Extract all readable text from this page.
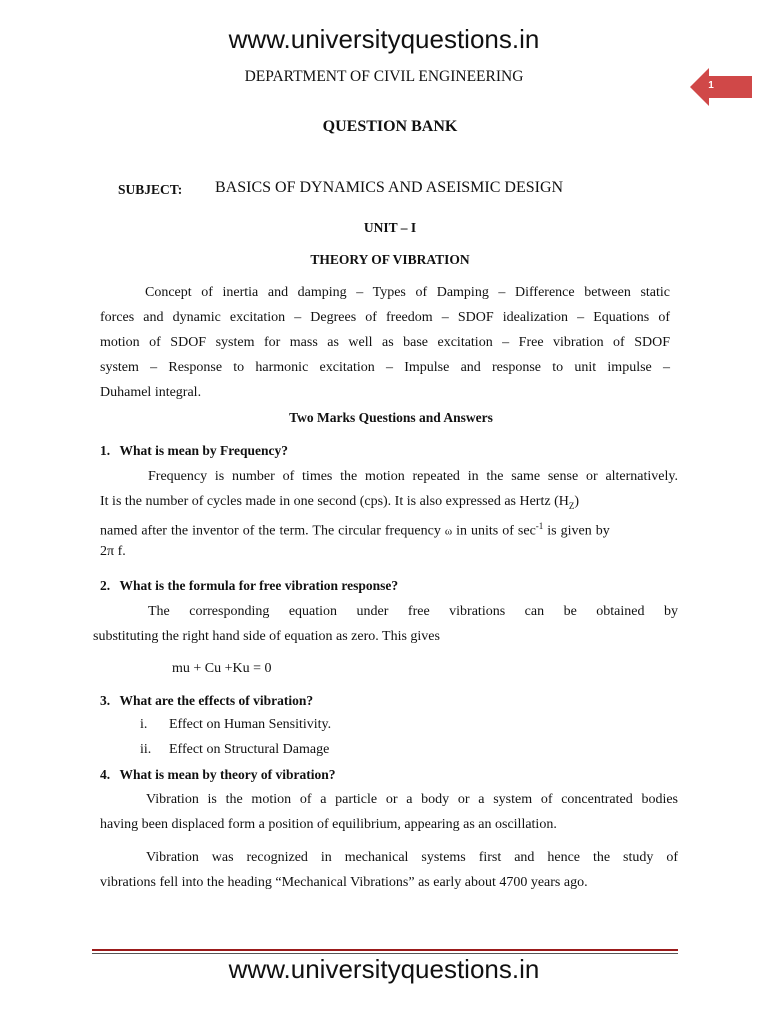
www.universityquestions.in
1
DEPARTMENT OF CIVIL ENGINEERING
QUESTION BANK
SUBJECT: BASICS OF DYNAMICS AND ASEISMIC DESIGN
UNIT – I
THEORY OF VIBRATION
Concept of inertia and damping – Types of Damping – Difference between static
forces and dynamic excitation – Degrees of freedom – SDOF idealization – Equations of
motion of SDOF system for mass as well as base excitation – Free vibration of SDOF
system – Response to harmonic excitation – Impulse and response to unit impulse –
Duhamel integral.
Two Marks Questions and Answers
1. What is mean by Frequency?
Frequency is number of times the motion repeated in the same sense or alternatively.
It is the number of cycles made in one second (cps). It is also expressed as Hertz $(H_Z)$
named after the inventor of the term. The circular frequency ω in units of $\sec^{-1}$ is given by
2π f.
2. What is the formula for free vibration response?
The corresponding equation under free vibrations can be obtained by
substituting the right hand side of equation as zero. This gives
mu + Cu +Ku = 0
3. What are the effects of vibration?
i. Effect on Human Sensitivity.
ii. Effect on Structural Damage
4. What is mean by theory of vibration?
Vibration is the motion of a particle or a body or a system of concentrated bodies
having been displaced form a position of equilibrium, appearing as an oscillation.
Vibration was recognized in mechanical systems first and hence the study of
vibrations fell into the heading “Mechanical Vibrations” as early about 4700 years ago.
www.universityquestions.in
